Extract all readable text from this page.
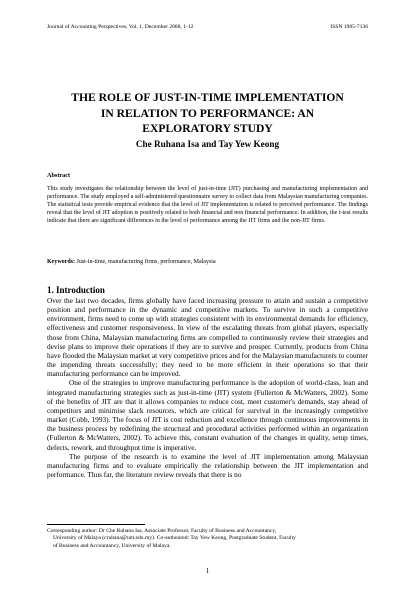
Journal of Accounting Perspectives, Vol. 1, December 2008, 1-12	ISSN 1985-7136
THE ROLE OF JUST-IN-TIME IMPLEMENTATION
IN RELATION TO PERFORMANCE: AN
EXPLORATORY STUDY
Che Ruhana Isa and Tay Yew Keong
Abstract
This study investigates the relationship between the level of just-in-time (JIT) purchasing and manufacturing implementation and performance. The study employed a self-administered questionnaire survey to collect data from Malaysian manufacturing companies. The statistical tests provide empirical evidence that the level of JIT implementation is related to perceived performance. The findings reveal that the level of JIT adoption is positively related to both financial and non financial performance. In addition, the t-test results indicate that there are significant differences in the level of performance among the JIT firms and the non-JIT firms.
Keywords: Just-in-time, manufacturing firms, performance, Malaysia
1. Introduction

Over the last two decades, firms globally have faced increasing pressure to attain and sustain a competitive position and performance in the dynamic and competitive markets. To survive in such a competitive environment, firms need to come up with strategies consistent with its environmental demands for efficiency, effectiveness and customer responsiveness. In view of the escalating threats from global players, especially those from China, Malaysian manufacturing firms are compelled to continuously review their strategies and devise plans to improve their operations if they are to survive and prosper. Currently, products from China have flooded the Malaysian market at very competitive prices and for the Malaysian manufacturers to counter the impending threats successfully; they need to be more efficient in their operations so that their manufacturing performance can be improved.

One of the strategies to improve manufacturing performance is the adoption of world-class, lean and integrated manufacturing strategies such as just-in-time (JIT) system (Fullerton & McWatters, 2002). Some of the benefits of JIT are that it allows companies to reduce cost, meet customer's demands, stay ahead of competitors and minimise slack resources, which are critical for survival in the increasingly competitive market (Cobb, 1993). The focus of JIT is cost reduction and excellence through continuous improvements in the business process by redefining the structural and procedural activities performed within an organization (Fullerton & McWatters, 2002). To achieve this, constant evaluation of the changes in quality, setup times, defects, rework, and throughput time is imperative.

The purpose of the research is to examine the level of JIT implementation among Malaysian manufacturing firms and to evaluate empirically the relationship between the JIT implementation and performance. Thus far, the literature review reveals that there is no

Corresponding author: Dr Che Ruhana Isa, Associate Professor, Faculty of Business and Accountancy,
University of Malaya (cruhana@um.edu.my). Co-authoured: Tay Yew Keong, Postgraduate Student, Faculty
of Business and Accountancy, University of Malaya.
1
